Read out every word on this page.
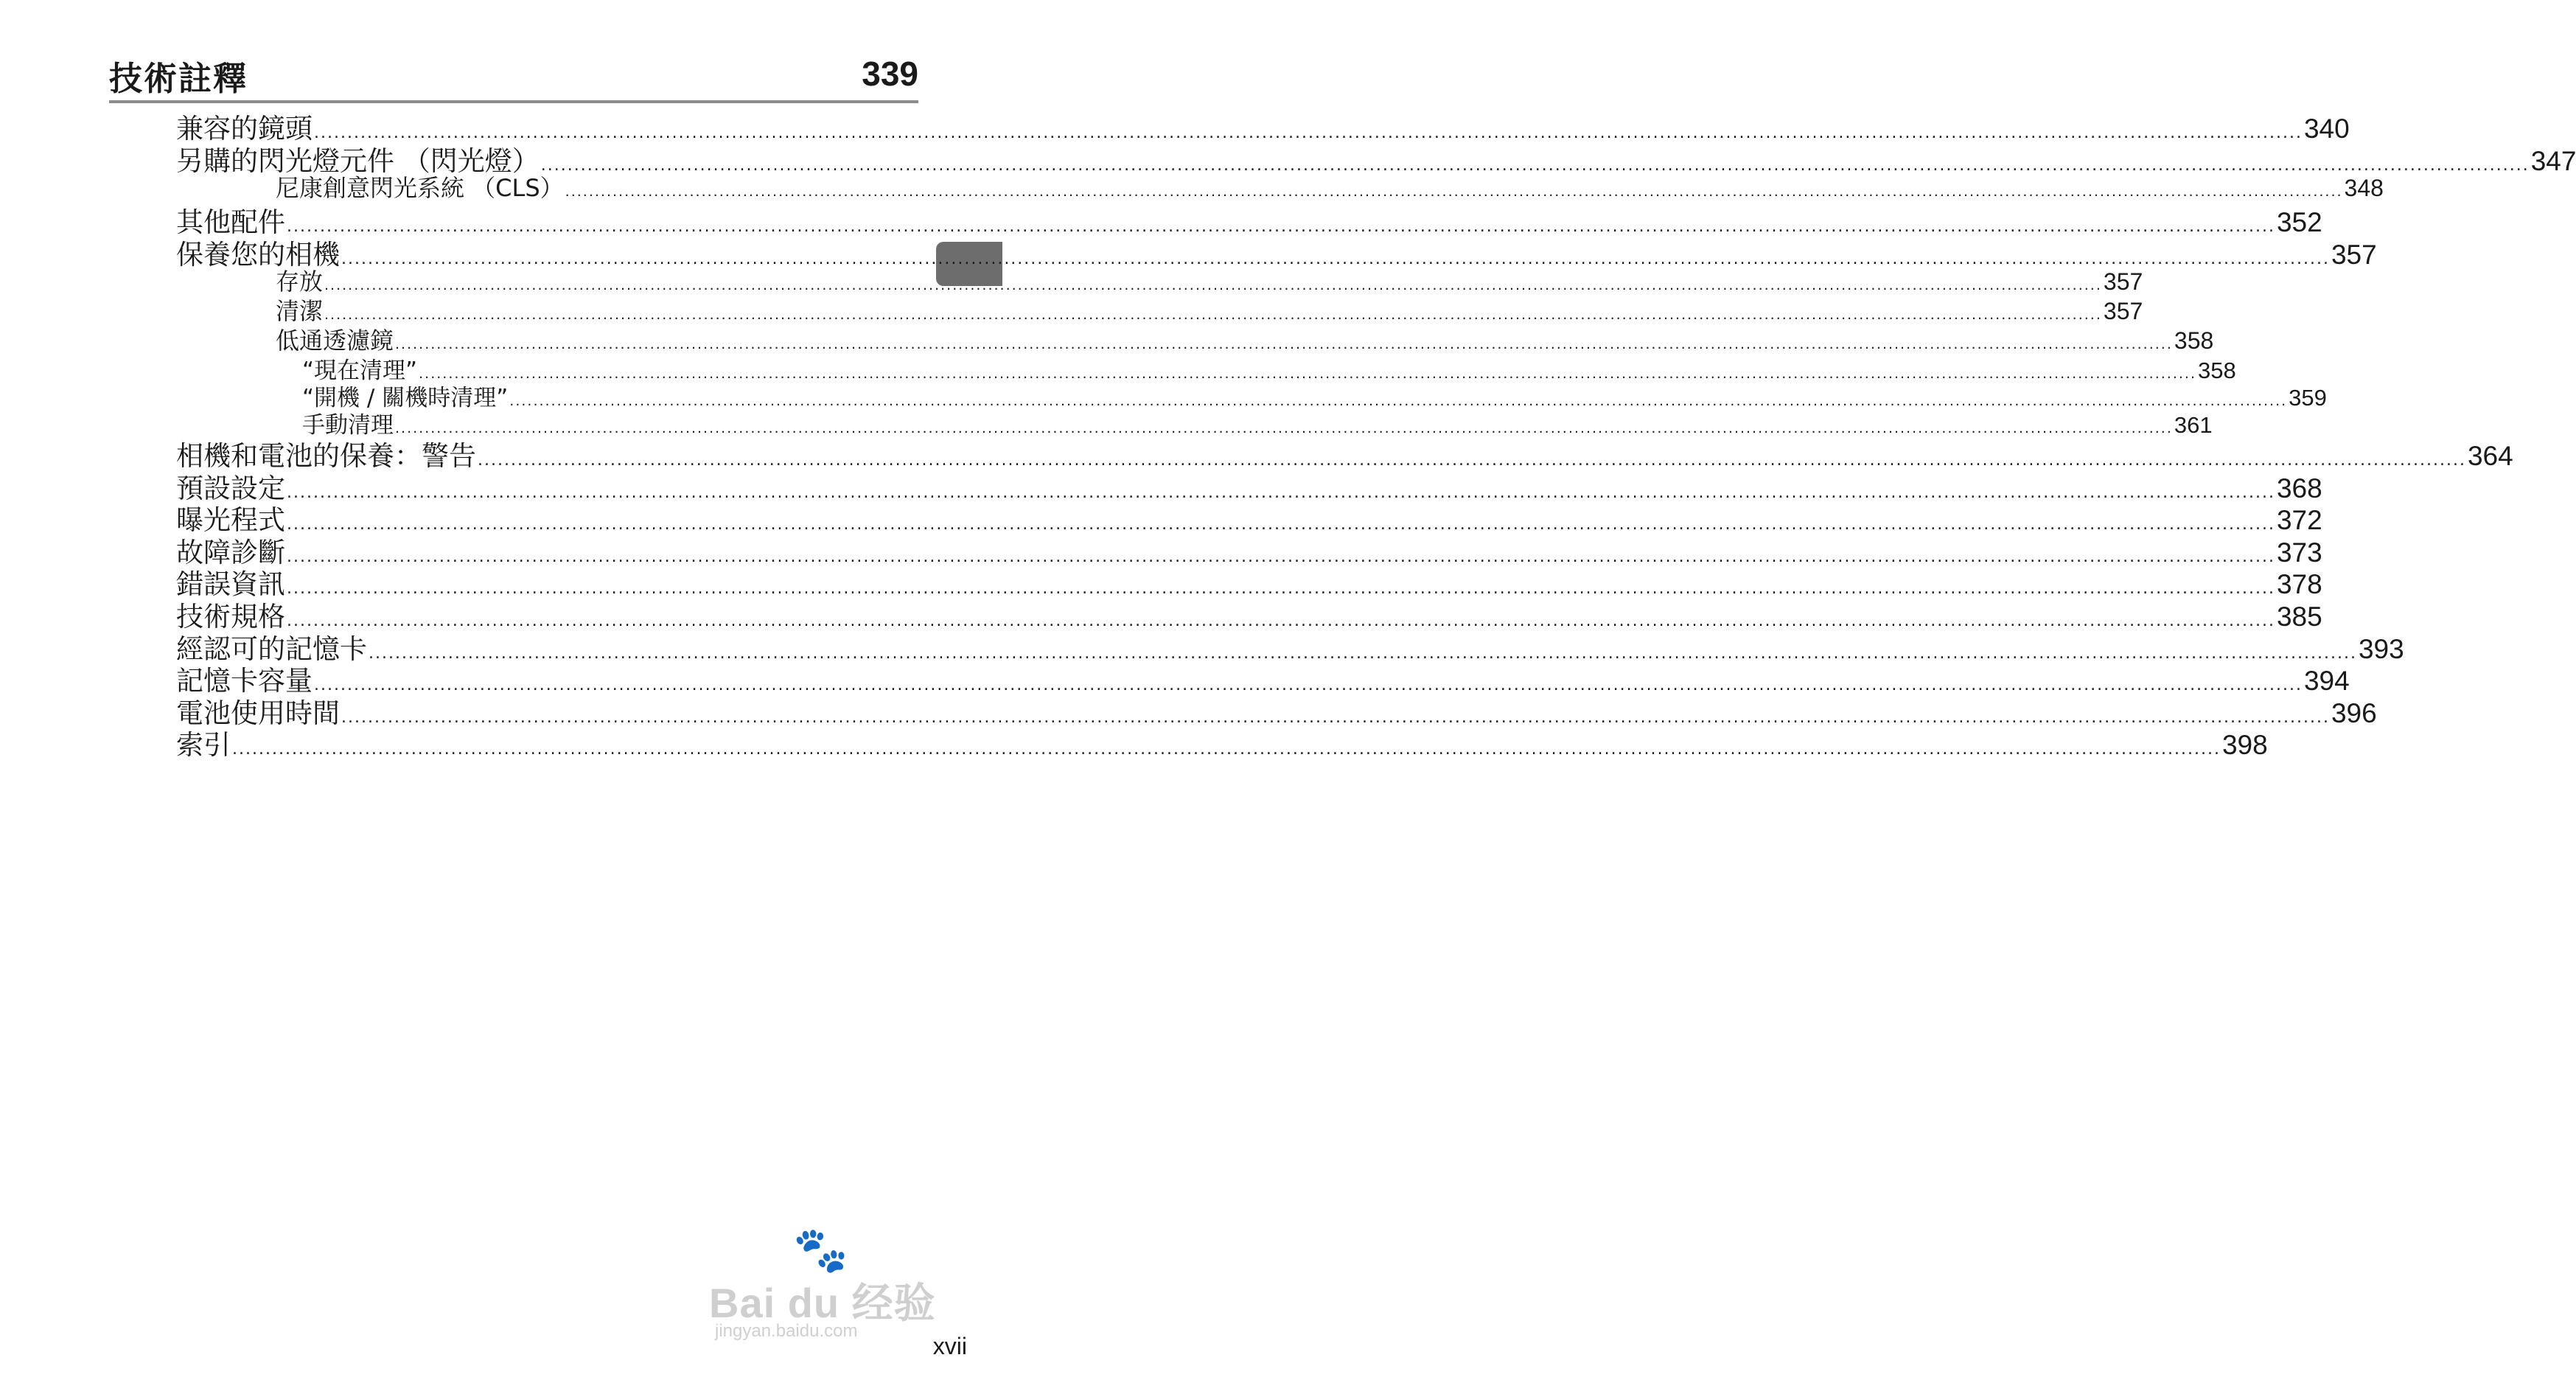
技術註釋	339
兼容的鏡頭 ............................................................................................................................................................................................................................................................................................................ 340
另購的閃光燈元件 （閃光燈） ............................................................................................................................................................................................................................................................................................................ 347
尼康創意閃光系統 （CLS） ............................................................................................................................................................................................................................................................................................................ 348
其他配件 ............................................................................................................................................................................................................................................................................................................ 352
保養您的相機 ............................................................................................................................................................................................................................................................................................................ 357
存放 ............................................................................................................................................................................................................................................................................................................ 357
清潔 ............................................................................................................................................................................................................................................................................................................ 357
低通透濾鏡 ............................................................................................................................................................................................................................................................................................................ 358
“現在清理” ............................................................................................................................................................................................................................................................................................................ 358
“開機 / 關機時清理” ............................................................................................................................................................................................................................................................................................................ 359
手動清理 ............................................................................................................................................................................................................................................................................................................ 361
相機和電池的保養：警告 ............................................................................................................................................................................................................................................................................................................ 364
預設設定 ............................................................................................................................................................................................................................................................................................................ 368
曝光程式 ............................................................................................................................................................................................................................................................................................................ 372
故障診斷 ............................................................................................................................................................................................................................................................................................................ 373
錯誤資訊 ............................................................................................................................................................................................................................................................................................................ 378
技術規格 ............................................................................................................................................................................................................................................................................................................ 385
經認可的記憶卡 ............................................................................................................................................................................................................................................................................................................ 393
記憶卡容量 ............................................................................................................................................................................................................................................................................................................ 394
電池使用時間 ............................................................................................................................................................................................................................................................................................................ 396
索引 ............................................................................................................................................................................................................................................................................................................ 398
🐾
Bai du 经验
jingyan.baidu.com
xvii
